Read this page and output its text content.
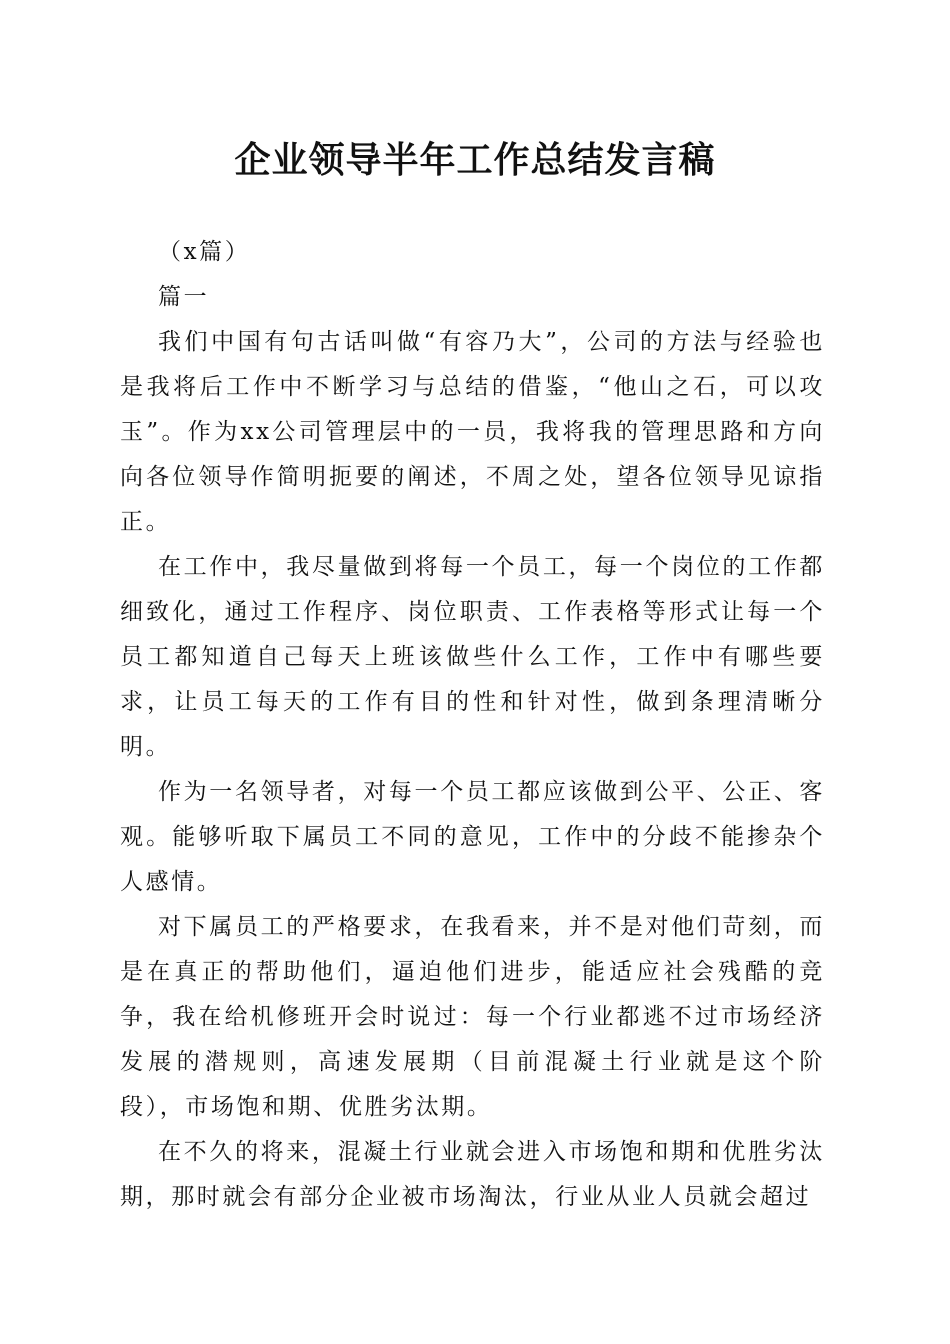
企业领导半年工作总结发言稿

（x篇）

篇一

我们中国有句古话叫做“有容乃大”，公司的方法与经验也是我将后工作中不断学习与总结的借鉴，“他山之石，可以攻玉”。作为xx公司管理层中的一员，我将我的管理思路和方向向各位领导作简明扼要的阐述，不周之处，望各位领导见谅指正。

在工作中，我尽量做到将每一个员工，每一个岗位的工作都细致化，通过工作程序、岗位职责、工作表格等形式让每一个员工都知道自己每天上班该做些什么工作，工作中有哪些要求，让员工每天的工作有目的性和针对性，做到条理清晰分明。

作为一名领导者，对每一个员工都应该做到公平、公正、客观。能够听取下属员工不同的意见，工作中的分歧不能掺杂个人感情。

对下属员工的严格要求，在我看来，并不是对他们苛刻，而是在真正的帮助他们，逼迫他们进步，能适应社会残酷的竞争，我在给机修班开会时说过：每一个行业都逃不过市场经济发展的潜规则，高速发展期（目前混凝土行业就是这个阶段），市场饱和期、优胜劣汰期。

在不久的将来，混凝土行业就会进入市场饱和期和优胜劣汰期，那时就会有部分企业被市场淘汰，行业从业人员就会超过
